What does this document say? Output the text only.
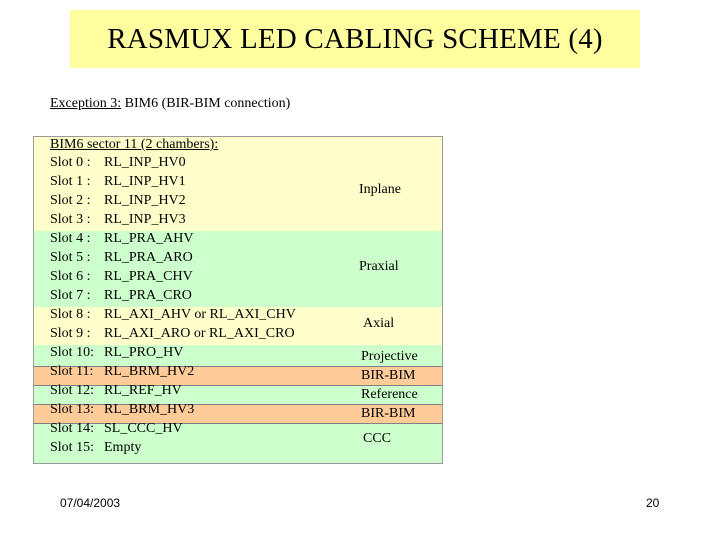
RASMUX LED CABLING SCHEME (4)
Exception 3: BIM6 (BIR-BIM connection)
BIM6 sector 11 (2 chambers):
Slot 0 : RL_INP_HV0
Slot 1 : RL_INP_HV1
Slot 2 : RL_INP_HV2
Slot 3 : RL_INP_HV3
Slot 4 : RL_PRA_AHV
Slot 5 : RL_PRA_ARO
Slot 6 : RL_PRA_CHV
Slot 7 : RL_PRA_CRO
Slot 8 : RL_AXI_AHV or RL_AXI_CHV
Slot 9 : RL_AXI_ARO or RL_AXI_CRO
Slot 10: RL_PRO_HV
Slot 11: RL_BRM_HV2
Slot 12: RL_REF_HV
Slot 13: RL_BRM_HV3
Slot 14: SL_CCC_HV
Slot 15: Empty
Inplane
Praxial
Axial
Projective
BIR-BIM
Reference
BIR-BIM
CCC
07/04/2003	20
